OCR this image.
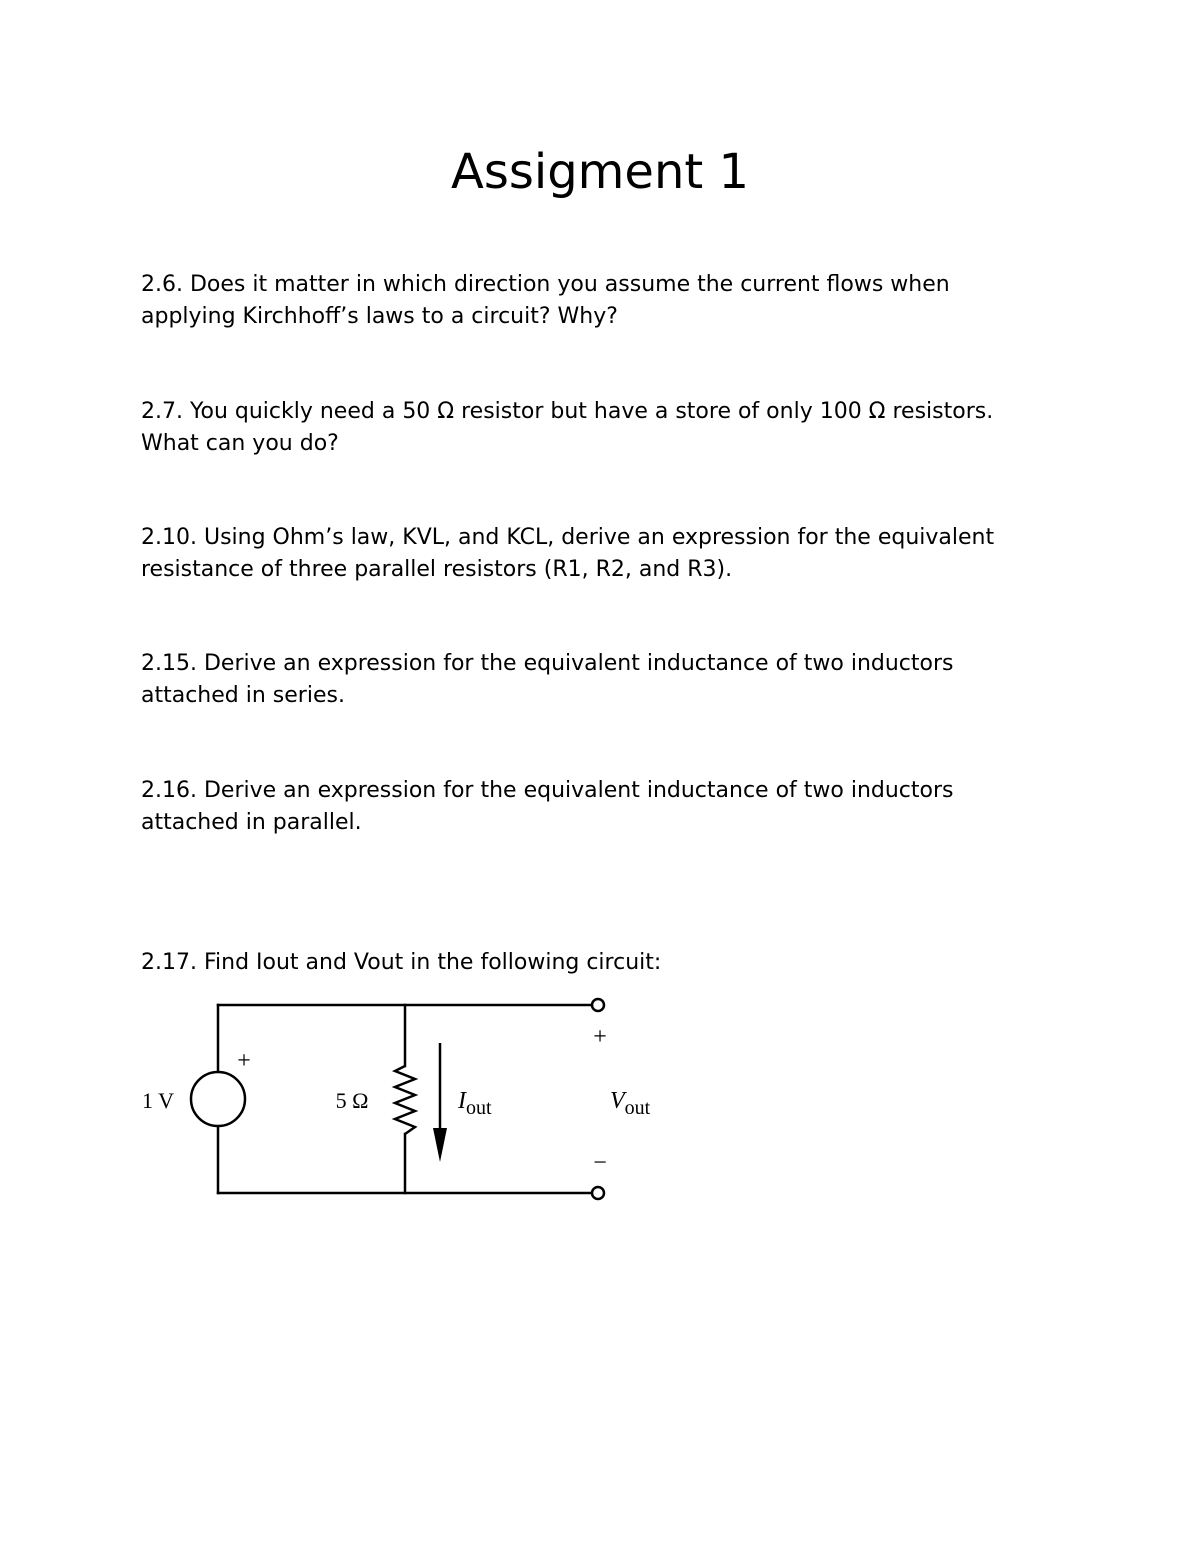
Assigment 1
2.6. Does it matter in which direction you assume the current flows when
applying Kirchhoff’s laws to a circuit? Why?
2.7. You quickly need a 50 Ω resistor but have a store of only 100 Ω resistors.
What can you do?
2.10. Using Ohm’s law, KVL, and KCL, derive an expression for the equivalent
resistance of three parallel resistors (R1, R2, and R3).
2.15. Derive an expression for the equivalent inductance of two inductors
attached in series.
2.16. Derive an expression for the equivalent inductance of two inductors
attached in parallel.
2.17. Find Iout and Vout in the following circuit:
+
1 V	5 Ω	$I_{out}$	$V_{out}$
+
−
